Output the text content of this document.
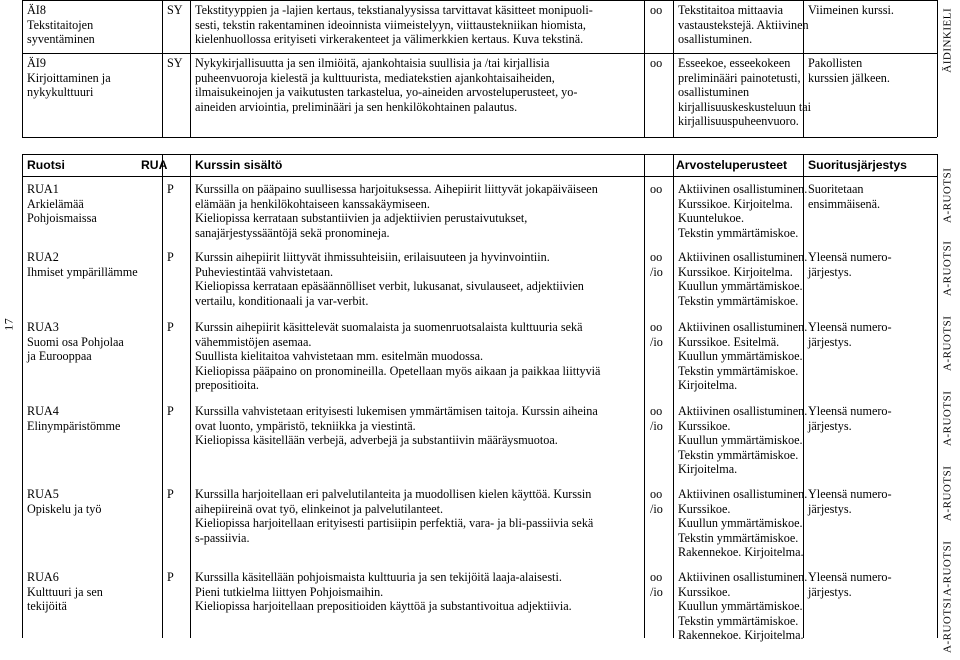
ÄI8
Tekstitaitojen
syventäminen
SY Tekstityyppien ja -lajien kertaus, tekstianalyysissa tarvittavat käsitteet monipuoli-
sesti, tekstin rakentaminen ideoinnista viimeistelyyn, viittaustekniikan hiomista,
kielenhuollossa erityiseti virkerakenteet ja välimerkkien kertaus. Kuva tekstinä.
oo Tekstitaitoa mittaavia
vastaustekstejä. Aktiivinen
osallistuminen.
Viimeinen kurssi.
ÄI9
Kirjoittaminen ja
nykykulttuuri
SY Nykykirjallisuutta ja sen ilmiöitä, ajankohtaisia suullisia ja /tai kirjallisia
puheenvuoroja kielestä ja kulttuurista, mediatekstien ajankohtaisaiheiden,
ilmaisukeinojen ja vaikutusten tarkastelua, yo-aineiden arvosteluperusteet, yo-
aineiden arviointia, preliminääri ja sen henkilökohtainen palautus.
oo Esseekoe, esseekokeen
preliminääri painotetusti,
osallistuminen
kirjallisuuskeskusteluun tai
kirjallisuuspuheenvuoro.
Pakollisten
kurssien jälkeen.
ÄIDINKIELI
17
Ruotsi	RUA Kurssin sisältö	Arvosteluperusteet Suoritusjärjestys
RUA1
Arkielämää
Pohjoismaissa
P Kurssilla on pääpaino suullisessa harjoituksessa. Aihepiirit liittyvät jokapäiväiseen
elämään ja henkilökohtaiseen kanssakäymiseen.
Kieliopissa kerrataan substantiivien ja adjektiivien perustaivutukset,
sanajärjestyssääntöjä sekä pronomineja.
oo Aktiivinen osallistuminen.
Kurssikoe. Kirjoitelma.
Kuuntelukoe.
Tekstin ymmärtämiskoe.
Suoritetaan
ensimmäisenä.
RUA2
Ihmiset ympärillämme
P Kurssin aihepiirit liittyvät ihmissuhteisiin, erilaisuuteen ja hyvinvointiin.
Puheviestintää vahvistetaan.
Kieliopissa kerrataan epäsäännölliset verbit, lukusanat, sivulauseet, adjektiivien
vertailu, konditionaali ja var-verbit.
oo
/io
Aktiivinen osallistuminen.
Kurssikoe. Kirjoitelma.
Kuullun ymmärtämiskoe.
Tekstin ymmärtämiskoe.
Yleensä numero-
järjestys.
RUA3
Suomi osa Pohjolaa
ja Eurooppaa
P Kurssin aihepiirit käsittelevät suomalaista ja suomenruotsalaista kulttuuria sekä
vähemmistöjen asemaa.
Suullista kielitaitoa vahvistetaan mm. esitelmän muodossa.
Kieliopissa pääpaino on pronomineilla. Opetellaan myös aikaan ja paikkaa liittyviä
prepositioita.
oo
/io
Aktiivinen osallistuminen.
Kurssikoe. Esitelmä.
Kuullun ymmärtämiskoe.
Tekstin ymmärtämiskoe.
Kirjoitelma.
Yleensä numero-
järjestys.
RUA4
Elinympäristömme
P Kurssilla vahvistetaan erityisesti lukemisen ymmärtämisen taitoja. Kurssin aiheina
ovat luonto, ympäristö, tekniikka ja viestintä.
Kieliopissa käsitellään verbejä, adverbejä ja substantiivin määräysmuotoa.
oo
/io
Aktiivinen osallistuminen.
Kurssikoe.
Kuullun ymmärtämiskoe.
Tekstin ymmärtämiskoe.
Kirjoitelma.
Yleensä numero-
järjestys.
RUA5
Opiskelu ja työ
P Kurssilla harjoitellaan eri palvelutilanteita ja muodollisen kielen käyttöä. Kurssin
aihepiireinä ovat työ, elinkeinot ja palvelutilanteet.
Kieliopissa harjoitellaan erityisesti partisiipin perfektiä, vara- ja bli-passiivia sekä
s-passiivia.
oo
/io
Aktiivinen osallistuminen.
Kurssikoe.
Kuullun ymmärtämiskoe.
Tekstin ymmärtämiskoe.
Rakennekoe. Kirjoitelma.
Yleensä numero-
järjestys.
RUA6
Kulttuuri ja sen
tekijöitä
P Kurssilla käsitellään pohjoismaista kulttuuria ja sen tekijöitä laaja-alaisesti.
Pieni tutkielma liittyen Pohjoismaihin.
Kieliopissa harjoitellaan prepositioiden käyttöä ja substantivoitua adjektiivia.
oo
/io
Aktiivinen osallistuminen.
Kurssikoe.
Kuullun ymmärtämiskoe.
Tekstin ymmärtämiskoe.
Rakennekoe. Kirjoitelma.
Yleensä numero-
järjestys.
A-RUOTSI
A-RUOTSI
A-RUOTSI
A-RUOTSI
A-RUOTSI
A-RUOTSI
A-RUOTSI
